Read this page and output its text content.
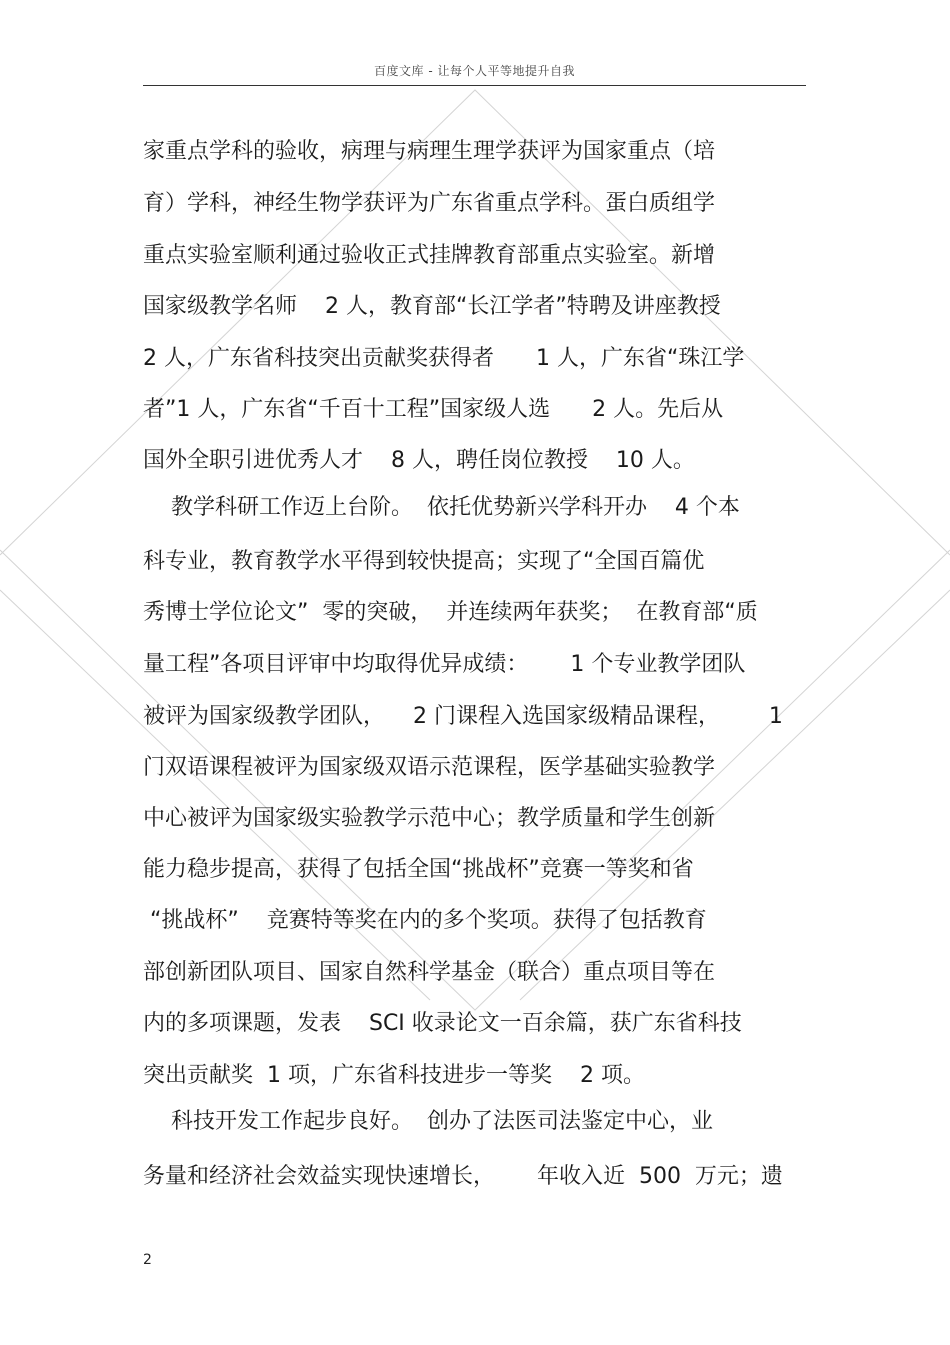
百度文库 - 让每个人平等地提升自我
家重点学科的验收，病理与病理生理学获评为国家重点（培
育）学科，神经生物学获评为广东省重点学科。蛋白质组学
重点实验室顺利通过验收正式挂牌教育部重点实验室。新增
国家级教学名师    2 人，教育部“长江学者”特聘及讲座教授
2 人，广东省科技突出贡献奖获得者      1 人，广东省“珠江学
者”1 人，广东省“千百十工程”国家级人选      2 人。先后从
国外全职引进优秀人才    8 人，聘任岗位教授    10 人。
教学科研工作迈上台阶。  依托优势新兴学科开办    4 个本
科专业，教育教学水平得到较快提高；实现了“全国百篇优
秀博士学位论文”  零的突破，  并连续两年获奖；  在教育部“质
量工程”各项目评审中均取得优异成绩：      1 个专业教学团队
被评为国家级教学团队，    2 门课程入选国家级精品课程，       1
门双语课程被评为国家级双语示范课程，医学基础实验教学
中心被评为国家级实验教学示范中心；教学质量和学生创新
能力稳步提高，获得了包括全国“挑战杯”竞赛一等奖和省
“挑战杯”    竞赛特等奖在内的多个奖项。获得了包括教育
部创新团队项目、国家自然科学基金（联合）重点项目等在
内的多项课题，发表    SCI 收录论文一百余篇，获广东省科技
突出贡献奖  1 项，广东省科技进步一等奖    2 项。
科技开发工作起步良好。  创办了法医司法鉴定中心，业
务量和经济社会效益实现快速增长，      年收入近  500  万元；遗
2
